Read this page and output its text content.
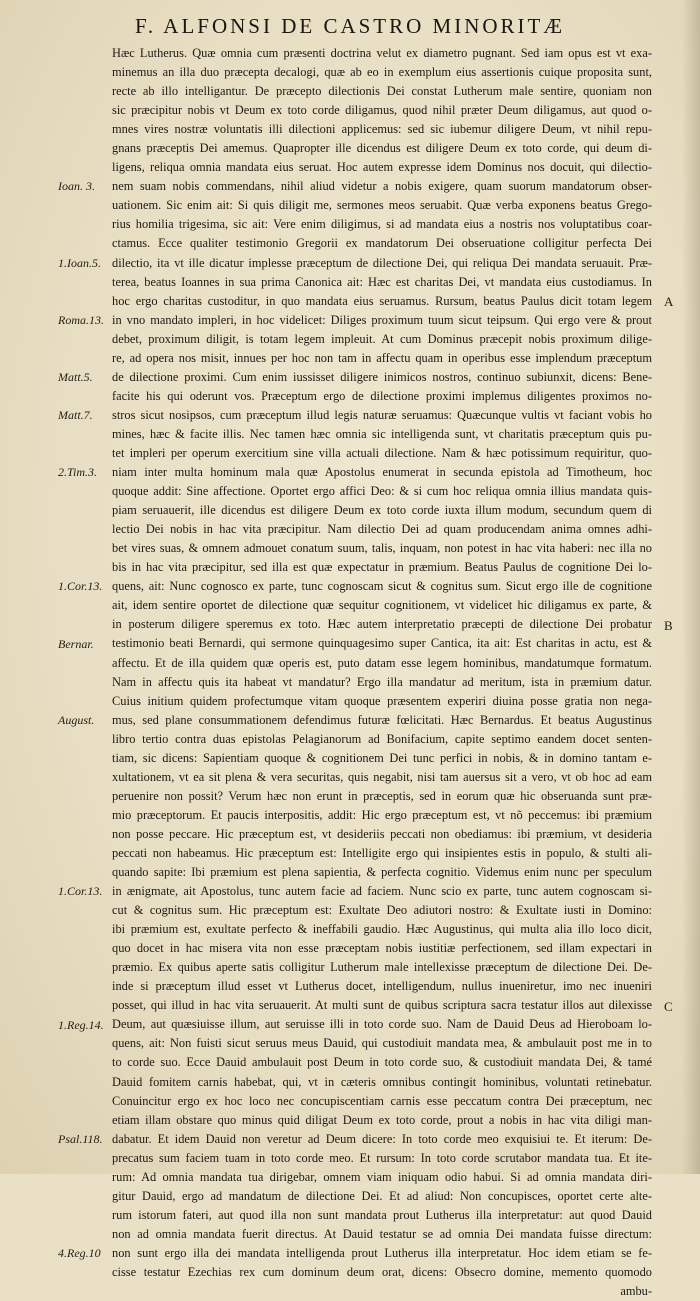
F. ALFONSI DE CASTRO MINORITÆ
Hæc Lutherus. Quæ omnia cum præsenti doctrina velut ex diametro pugnant. Sed iam opus est vt exa-
minemus an illa duo præcepta decalogi, quæ ab eo in exemplum eius assertionis cuique proposita sunt,
recte ab illo intelligantur. De præcepto dilectionis Dei constat Lutherum male sentire, quoniam non
sic præcipitur nobis vt Deum ex toto corde diligamus, quod nihil præter Deum diligamus, aut quod o-
mnes vires nostræ voluntatis illi dilectioni applicemus: sed sic iubemur diligere Deum, vt nihil repu-
gnans præceptis Dei amemus. Quapropter ille dicendus est diligere Deum ex toto corde, qui deum di-
ligens, reliqua omnia mandata eius seruat. Hoc autem expresse idem Dominus nos docuit, qui dilectio-
nem suam nobis commendans, nihil aliud videtur a nobis exigere, quam suorum mandatorum obser-
uationem. Sic enim ait: Si quis diligit me, sermones meos seruabit. Quæ verba exponens beatus Grego-
rius homilia trigesima, sic ait: Vere enim diligimus, si ad mandata eius a nostris nos voluptatibus coar-
ctamus. Ecce qualiter testimonio Gregorii ex mandatorum Dei obseruatione colligitur perfecta Dei
dilectio, ita vt ille dicatur implesse præceptum de dilectione Dei, qui reliqua Dei mandata seruauit. Præ-
terea, beatus Ioannes in sua prima Canonica ait: Hæc est charitas Dei, vt mandata eius custodiamus. In
hoc ergo charitas custoditur, in quo mandata eius seruamus. Rursum, beatus Paulus dicit totam legem
in vno mandato impleri, in hoc videlicet: Diliges proximum tuum sicut teipsum. Qui ergo vere & prout
debet, proximum diligit, is totam legem impleuit. At cum Dominus præcepit nobis proximum dilige-
re, ad opera nos misit, innues per hoc non tam in affectu quam in operibus esse implendum præceptum
de dilectione proximi. Cum enim iussisset diligere inimicos nostros, continuo subiunxit, dicens: Bene-
facite his qui oderunt vos. Præceptum ergo de dilectione proximi implemus diligentes proximos no-
stros sicut nosipsos, cum præceptum illud legis naturæ seruamus: Quæcunque vultis vt faciant vobis ho
mines, hæc & facite illis. Nec tamen hæc omnia sic intelligenda sunt, vt charitatis præceptum quis pu-
tet impleri per operum exercitium sine villa actuali dilectione. Nam & hæc potissimum requiritur, quo-
niam inter multa hominum mala quæ Apostolus enumerat in secunda epistola ad Timotheum, hoc
quoque addit: Sine affectione. Oportet ergo affici Deo: & si cum hoc reliqua omnia illius mandata quis-
piam seruauerit, ille dicendus est diligere Deum ex toto corde iuxta illum modum, secundum quem di
lectio Dei nobis in hac vita præcipitur. Nam dilectio Dei ad quam producendam anima omnes adhi-
bet vires suas, & omnem admouet conatum suum, talis, inquam, non potest in hac vita haberi: nec illa no
bis in hac vita præcipitur, sed illa est quæ expectatur in præmium. Beatus Paulus de cognitione Dei lo-
quens, ait: Nunc cognosco ex parte, tunc cognoscam sicut & cognitus sum. Sicut ergo ille de cognitione
ait, idem sentire oportet de dilectione quæ sequitur cognitionem, vt videlicet hic diligamus ex parte, &
in posterum diligere speremus ex toto. Hæc autem interpretatio præcepti de dilectione Dei probatur
testimonio beati Bernardi, qui sermone quinquagesimo super Cantica, ita ait: Est charitas in actu, est &
affectu. Et de illa quidem quæ operis est, puto datam esse legem hominibus, mandatumque formatum.
Nam in affectu quis ita habeat vt mandatur? Ergo illa mandatur ad meritum, ista in præmium datur.
Cuius initium quidem profectumque vitam quoque præsentem experiri diuina posse gratia non nega-
mus, sed plane consummationem defendimus futuræ fœlicitati. Hæc Bernardus. Et beatus Augustinus
libro tertio contra duas epistolas Pelagianorum ad Bonifacium, capite septimo eandem docet senten-
tiam, sic dicens: Sapientiam quoque & cognitionem Dei tunc perfici in nobis, & in domino tantam e-
xultationem, vt ea sit plena & vera securitas, quis negabit, nisi tam auersus sit a vero, vt ob hoc ad eam
peruenire non possit? Verum hæc non erunt in præceptis, sed in eorum quæ hic obseruanda sunt præ-
mio præceptorum. Et paucis interpositis, addit: Hic ergo præceptum est, vt nõ peccemus: ibi præmium
non posse peccare. Hic præceptum est, vt desideriis peccati non obediamus: ibi præmium, vt desideria
peccati non habeamus. Hic præceptum est: Intelligite ergo qui insipientes estis in populo, & stulti ali-
quando sapite: Ibi præmium est plena sapientia, & perfecta cognitio. Videmus enim nunc per speculum
in ænigmate, ait Apostolus, tunc autem facie ad faciem. Nunc scio ex parte, tunc autem cognoscam si-
cut & cognitus sum. Hic præceptum est: Exultate Deo adiutori nostro: & Exultate iusti in Domino:
ibi præmium est, exultate perfecto & ineffabili gaudio. Hæc Augustinus, qui multa alia illo loco dicit,
quo docet in hac misera vita non esse præceptam nobis iustitiæ perfectionem, sed illam expectari in
præmio. Ex quibus aperte satis colligitur Lutherum male intellexisse præceptum de dilectione Dei. De-
inde si præceptum illud esset vt Lutherus docet, intelligendum, nullus inueniretur, imo nec inueniri
posset, qui illud in hac vita seruauerit. At multi sunt de quibus scriptura sacra testatur illos aut dilexisse
Deum, aut quæsiuisse illum, aut seruisse illi in toto corde suo. Nam de Dauid Deus ad Hieroboam lo-
quens, ait: Non fuisti sicut seruus meus Dauid, qui custodiuit mandata mea, & ambulauit post me in to
to corde suo. Ecce Dauid ambulauit post Deum in toto corde suo, & custodiuit mandata Dei, & tamé
Dauid fomitem carnis habebat, qui, vt in cæteris omnibus contingit hominibus, voluntati retinebatur.
Conuincitur ergo ex hoc loco nec concupiscentiam carnis esse peccatum contra Dei præceptum, nec
etiam illam obstare quo minus quid diligat Deum ex toto corde, prout a nobis in hac vita diligi man-
dabatur. Et idem Dauid non veretur ad Deum dicere: In toto corde meo exquisiui te. Et iterum: De-
precatus sum faciem tuam in toto corde meo. Et rursum: In toto corde scrutabor mandata tua. Et ite-
rum: Ad omnia mandata tua dirigebar, omnem viam iniquam odio habui. Si ad omnia mandata diri-
gitur Dauid, ergo ad mandatum de dilectione Dei. Et ad aliud: Non concupisces, oportet certe alte-
rum istorum fateri, aut quod illa non sunt mandata prout Lutherus illa interpretatur: aut quod Dauid
non ad omnia mandata fuerit directus. At Dauid testatur se ad omnia Dei mandata fuisse directum:
non sunt ergo illa dei mandata intelligenda prout Lutherus illa interpretatur. Hoc idem etiam se fe-
cisse testatur Ezechias rex cum dominum deum orat, dicens: Obsecro domine, memento quomodo
ambu-
Ioan. 3.
1.Ioan.5.
Roma.13.
Matt.5.
Matt.7.
2.Tim.3.
1.Cor.13.
Bernar.
August.
1.Cor.13.
1.Reg.14.
Psal.118.
4.Reg.10
A
B
C
